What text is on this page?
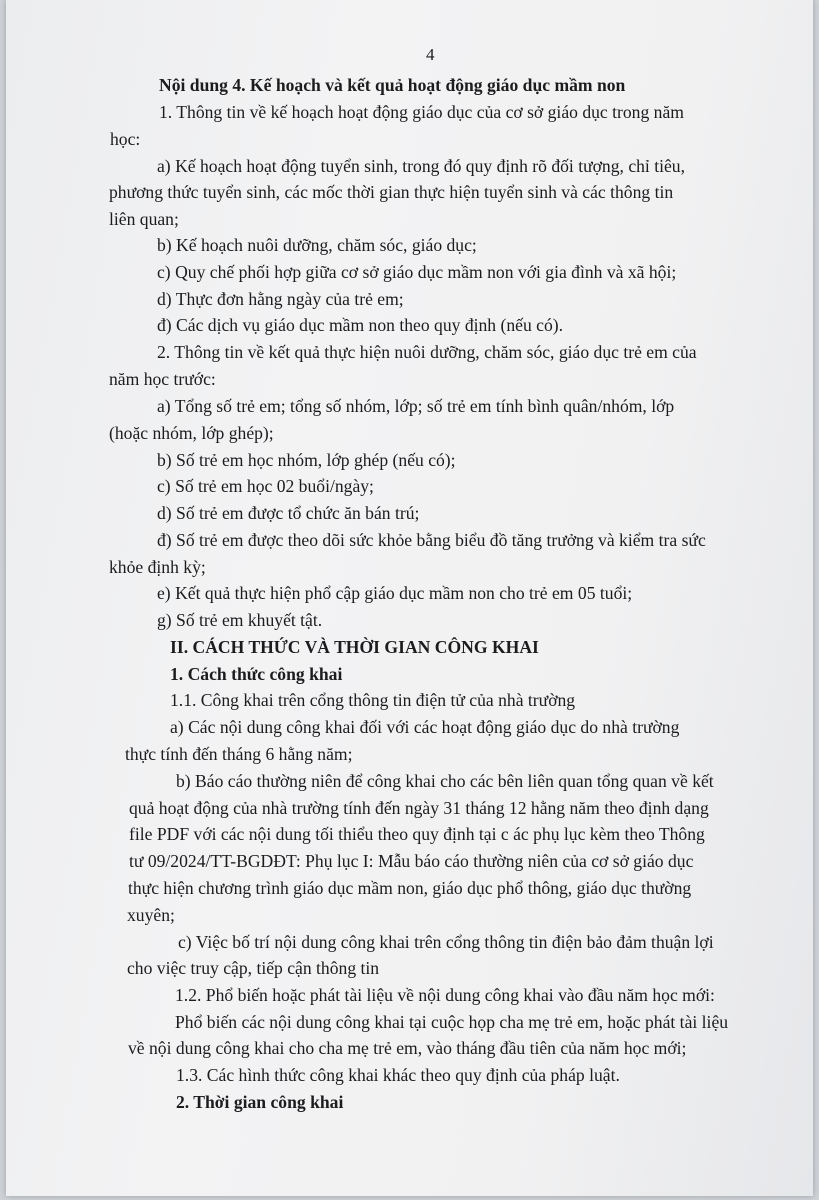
4
Nội dung 4. Kế hoạch và kết quả hoạt động giáo dục mầm non
1. Thông tin về kế hoạch hoạt động giáo dục của cơ sở giáo dục trong năm
học:
a) Kế hoạch hoạt động tuyển sinh, trong đó quy định rõ đối tượng, chỉ tiêu,
phương thức tuyển sinh, các mốc thời gian thực hiện tuyển sinh và các thông tin
liên quan;
b) Kế hoạch nuôi dưỡng, chăm sóc, giáo dục;
c) Quy chế phối hợp giữa cơ sở giáo dục mầm non với gia đình và xã hội;
d) Thực đơn hằng ngày của trẻ em;
đ) Các dịch vụ giáo dục mầm non theo quy định (nếu có).
2. Thông tin về kết quả thực hiện nuôi dưỡng, chăm sóc, giáo dục trẻ em của
năm học trước:
a) Tổng số trẻ em; tổng số nhóm, lớp; số trẻ em tính bình quân/nhóm, lớp
(hoặc nhóm, lớp ghép);
b) Số trẻ em học nhóm, lớp ghép (nếu có);
c) Số trẻ em học 02 buổi/ngày;
d) Số trẻ em được tổ chức ăn bán trú;
đ) Số trẻ em được theo dõi sức khỏe bằng biểu đồ tăng trưởng và kiểm tra sức
khỏe định kỳ;
e) Kết quả thực hiện phổ cập giáo dục mầm non cho trẻ em 05 tuổi;
g) Số trẻ em khuyết tật.
II. CÁCH THỨC VÀ THỜI GIAN CÔNG KHAI
1. Cách thức công khai
1.1. Công khai trên cổng thông tin điện tử của nhà trường
a) Các nội dung công khai đối với các hoạt động giáo dục do nhà trường
thực tính đến tháng 6 hằng năm;
b) Báo cáo thường niên để công khai cho các bên liên quan tổng quan về kết
quả hoạt động của nhà trường tính đến ngày 31 tháng 12 hằng năm theo định dạng
file PDF với các nội dung tối thiểu theo quy định tại c ác phụ lục kèm theo Thông
tư 09/2024/TT-BGDĐT: Phụ lục I: Mẫu báo cáo thường niên của cơ sở giáo dục
thực hiện chương trình giáo dục mầm non, giáo dục phổ thông, giáo dục thường
xuyên;
c) Việc bố trí nội dung công khai trên cổng thông tin điện bảo đảm thuận lợi
cho việc truy cập, tiếp cận thông tin
1.2. Phổ biến hoặc phát tài liệu về nội dung công khai vào đầu năm học mới:
Phổ biến các nội dung công khai tại cuộc họp cha mẹ trẻ em, hoặc phát tài liệu
về nội dung công khai cho cha mẹ trẻ em, vào tháng đầu tiên của năm học mới;
1.3. Các hình thức công khai khác theo quy định của pháp luật.
2. Thời gian công khai
